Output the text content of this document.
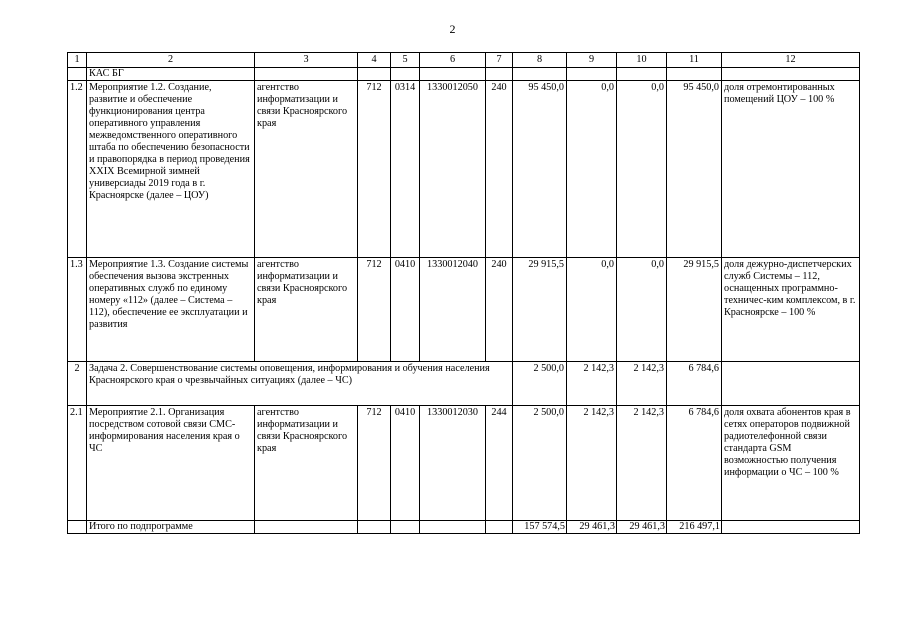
2
1	2	3	4	5	6	7	8	9	10	11	12
	КАС БГ										
1.2	Мероприятие 1.2. Создание, развитие и обеспечение функционирования центра оперативного управления межведомственного оперативного штаба по обеспечению безопасности и правопорядка в период проведения XXIX Всемирной зимней универсиады 2019 года в г. Красноярске (далее – ЦОУ)	агентство информатизации и связи Красноярского края	712	0314	1330012050	240	95 450,0	0,0	0,0	95 450,0	доля отремонтированных помещений ЦОУ – 100 %
1.3	Мероприятие 1.3. Создание системы обеспечения вызова экстренных оперативных служб по единому номеру «112» (далее – Система – 112), обеспечение ее эксплуатации и развития	агентство информатизации и связи Красноярского края	712	0410	1330012040	240	29 915,5	0,0	0,0	29 915,5	доля дежурно-диспетчерских служб Системы – 112, оснащенных программно-техничес-ким комплексом, в г. Красноярске – 100 %
2	Задача 2. Совершенствование системы оповещения, информирования и обучения населения Красноярского края о чрезвычайных ситуациях (далее – ЧС)						2 500,0	2 142,3	2 142,3	6 784,6	
2.1	Мероприятие 2.1. Организация посредством сотовой связи СМС-информирования населения края о ЧС	агентство информатизации и связи Красноярского края	712	0410	1330012030	244	2 500,0	2 142,3	2 142,3	6 784,6	доля охвата абонентов края в сетях операторов подвижной радиотелефонной связи стандарта GSM возможностью получения информации о ЧС – 100 %
	Итого по подпрограмме						157 574,5	29 461,3	29 461,3	216 497,1	
